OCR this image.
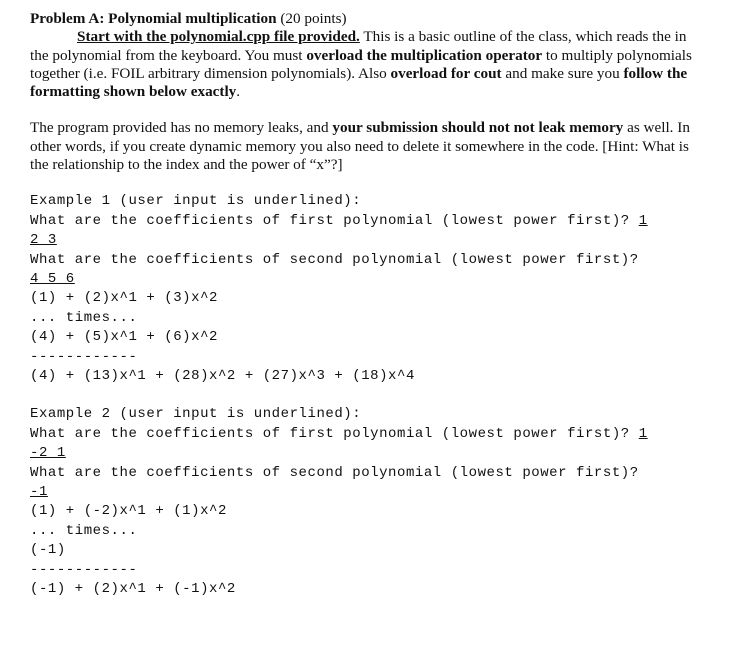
Problem A: Polynomial multiplication (20 points)

Start with the polynomial.cpp file provided. This is a basic outline of the class, which reads the in the polynomial from the keyboard. You must overload the multiplication operator to multiply polynomials together (i.e. FOIL arbitrary dimension polynomials). Also overload for cout and make sure you follow the formatting shown below exactly.

The program provided has no memory leaks, and your submission should not not leak memory as well. In other words, if you create dynamic memory you also need to delete it somewhere in the code. [Hint: What is the relationship to the index and the power of “x”?]

Example 1 (user input is underlined):

What are the coefficients of first polynomial (lowest power first)? 1

2 3

What are the coefficients of second polynomial (lowest power first)?

4 5 6

(1) + (2)x^1 + (3)x^2

... times...

(4) + (5)x^1 + (6)x^2

------------

(4) + (13)x^1 + (28)x^2 + (27)x^3 + (18)x^4

Example 2 (user input is underlined):

What are the coefficients of first polynomial (lowest power first)? 1

-2 1

What are the coefficients of second polynomial (lowest power first)?

-1

(1) + (-2)x^1 + (1)x^2

... times...

(-1)

------------

(-1) + (2)x^1 + (-1)x^2
